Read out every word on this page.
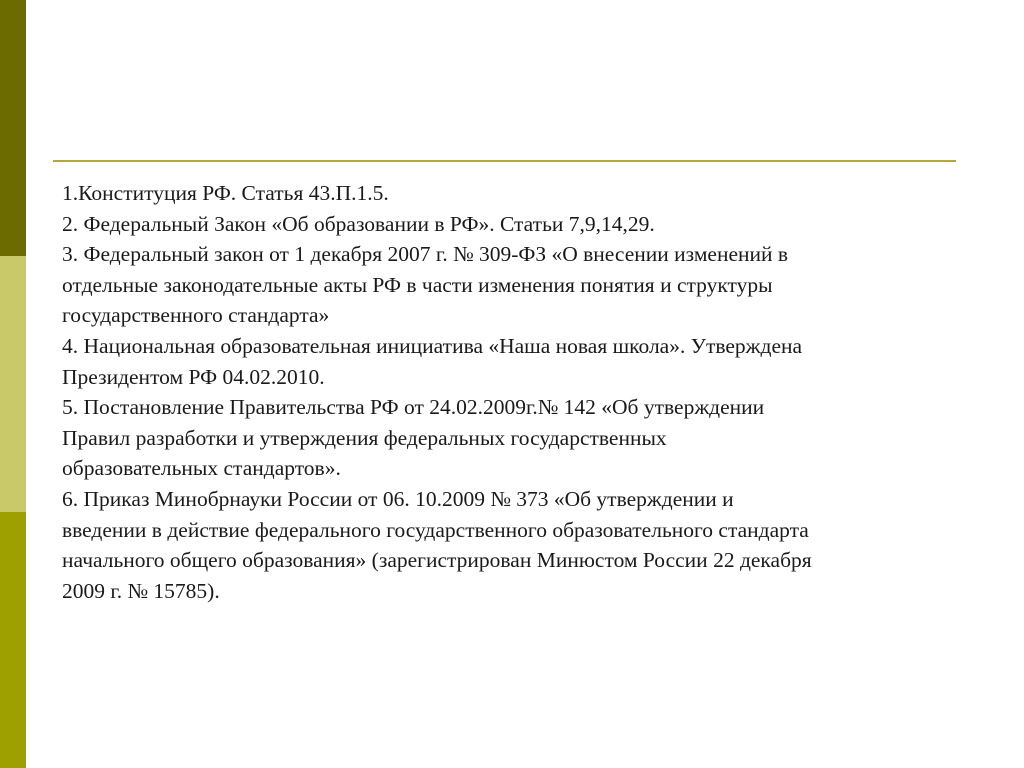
1.Конституция РФ. Статья 43.П.1.5.

2. Федеральный Закон «Об образовании в РФ». Статьи 7,9,14,29.

3. Федеральный закон от 1 декабря 2007 г. № 309-ФЗ «О внесении изменений в
отдельные законодательные акты РФ в части изменения понятия и структуры
государственного стандарта»

4. Национальная образовательная инициатива «Наша новая школа». Утверждена
Президентом РФ 04.02.2010.

5. Постановление Правительства РФ от 24.02.2009г.№ 142 «Об утверждении
Правил разработки и утверждения федеральных государственных
образовательных стандартов».

6. Приказ Минобрнауки России от 06. 10.2009 № 373 «Об утверждении и
введении в действие федерального государственного образовательного стандарта
начального общего образования» (зарегистрирован Минюстом России 22 декабря
2009 г. № 15785).
